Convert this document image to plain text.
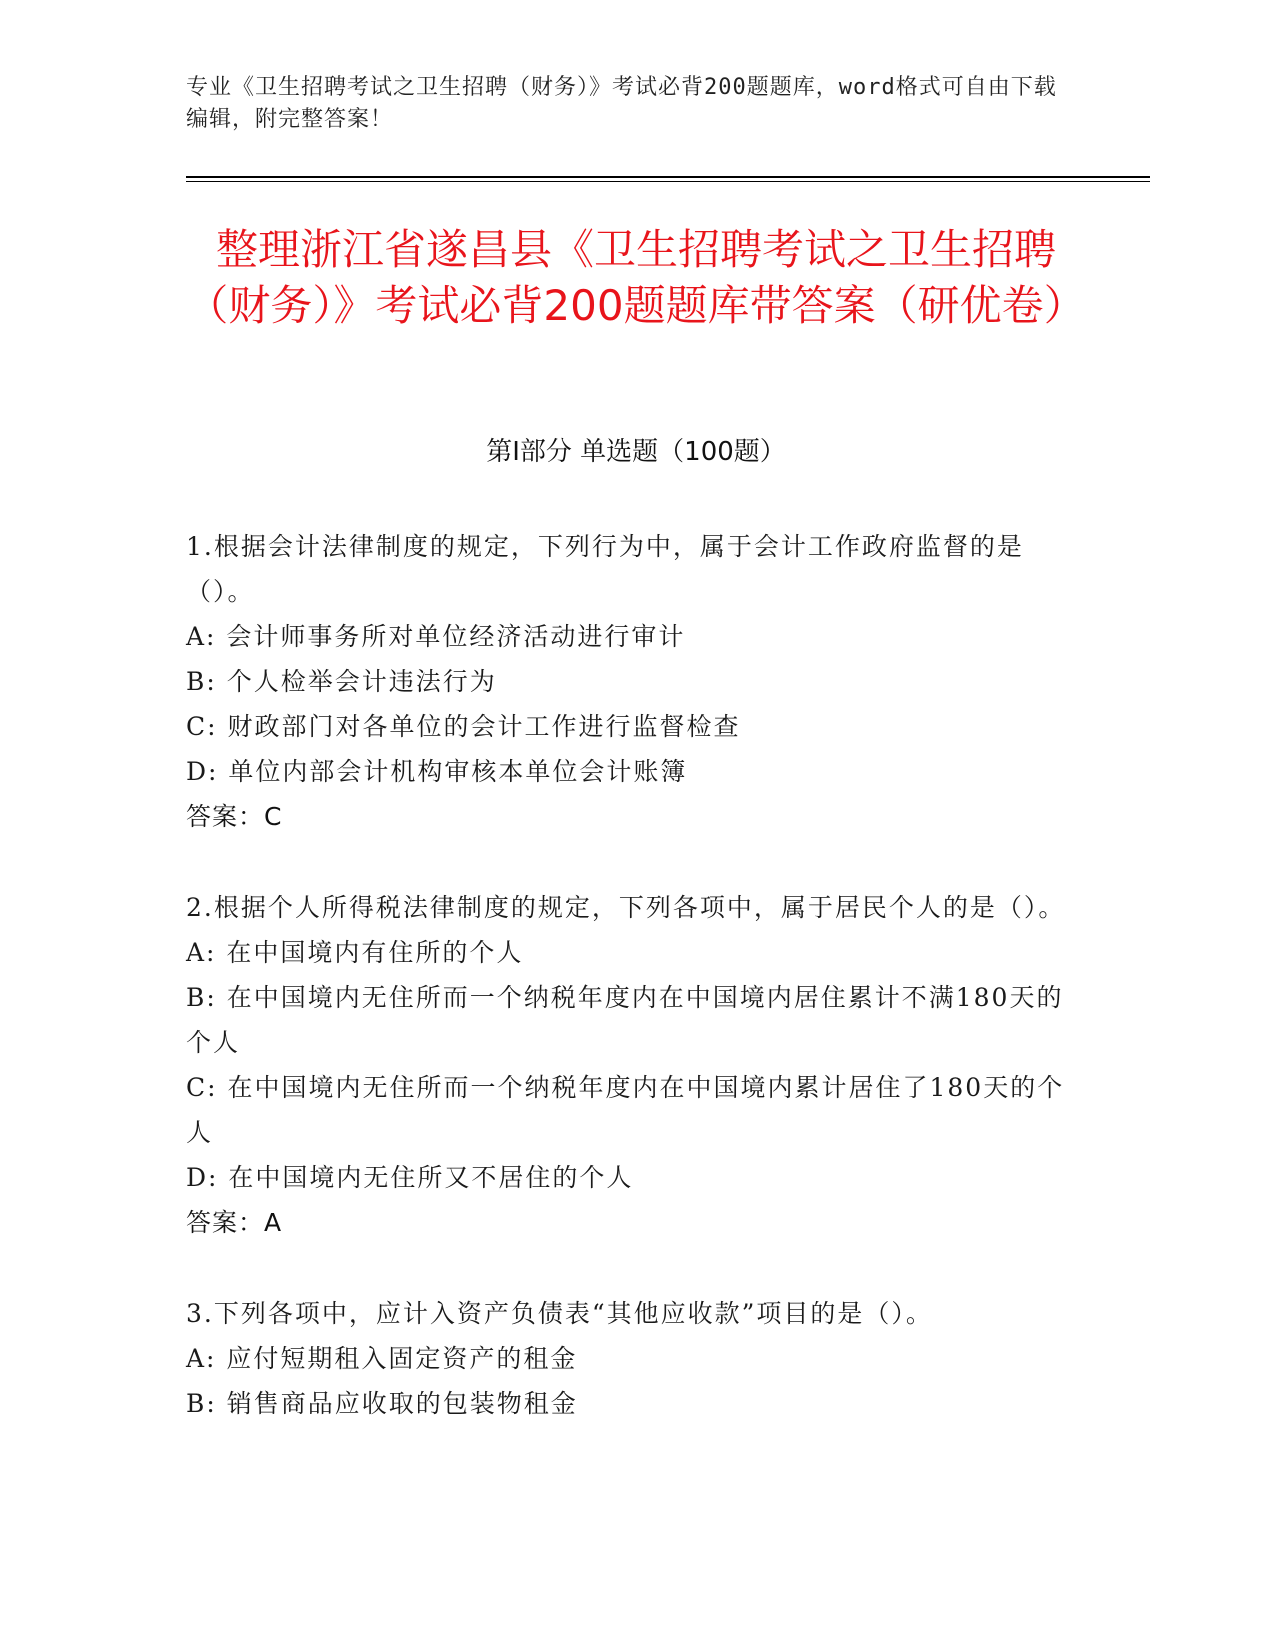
专业《卫生招聘考试之卫生招聘（财务）》考试必背200题题库，word格式可自由下载编辑，附完整答案！
整理浙江省遂昌县《卫生招聘考试之卫生招聘（财务）》考试必背200题题库带答案（研优卷）
第Ⅰ部分 单选题（100题）
1.根据会计法律制度的规定，下列行为中，属于会计工作政府监督的是（）。
A: 会计师事务所对单位经济活动进行审计
B: 个人检举会计违法行为
C: 财政部门对各单位的会计工作进行监督检查
D: 单位内部会计机构审核本单位会计账簿
答案：C
2.根据个人所得税法律制度的规定，下列各项中，属于居民个人的是（）。
A: 在中国境内有住所的个人
B: 在中国境内无住所而一个纳税年度内在中国境内居住累计不满180天的个人
C: 在中国境内无住所而一个纳税年度内在中国境内累计居住了180天的个人
D: 在中国境内无住所又不居住的个人
答案：A
3.下列各项中，应计入资产负债表“其他应收款”项目的是（）。
A: 应付短期租入固定资产的租金
B: 销售商品应收取的包装物租金
